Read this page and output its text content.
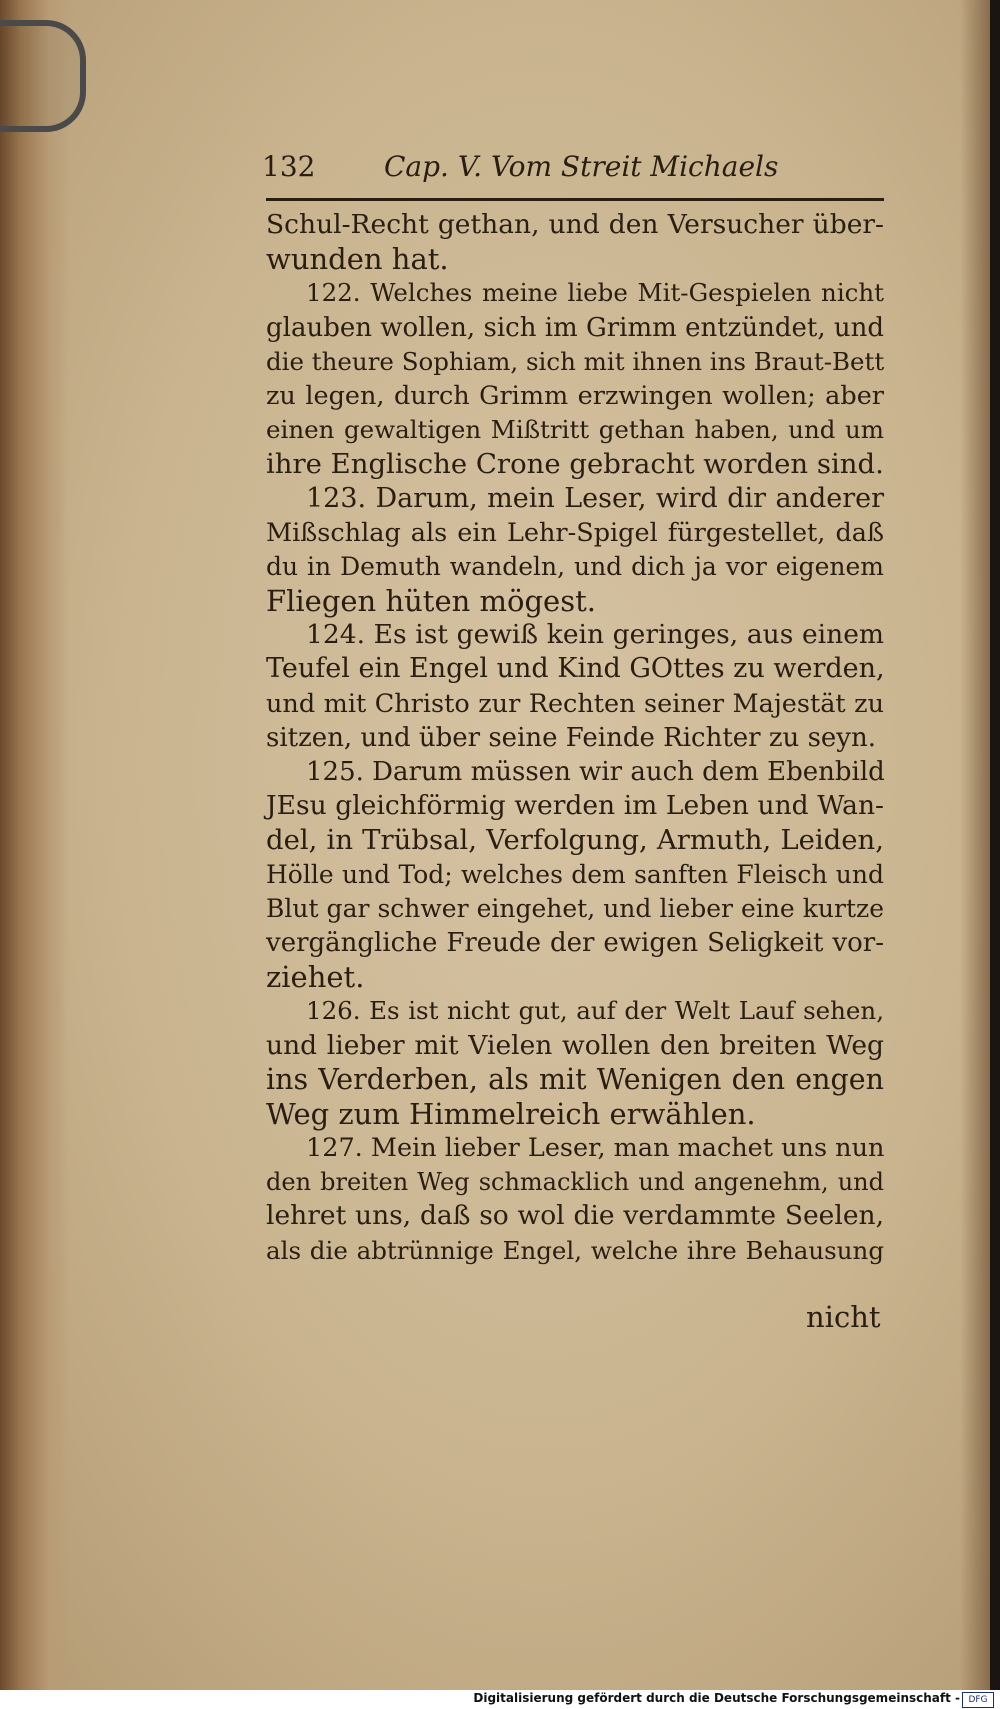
132 Cap. V. Vom Streit Michaels
Schul-Recht gethan, und den Versucher über-
wunden hat.
122. Welches meine liebe Mit-Gespielen nicht
glauben wollen, sich im Grimm entzündet, und
die theure Sophiam, sich mit ihnen ins Braut-Bett
zu legen, durch Grimm erzwingen wollen; aber
einen gewaltigen Mißtritt gethan haben, und um
ihre Englische Crone gebracht worden sind.
123. Darum, mein Leser, wird dir anderer
Mißschlag als ein Lehr-Spigel fürgestellet, daß
du in Demuth wandeln, und dich ja vor eigenem
Fliegen hüten mögest.
124. Es ist gewiß kein geringes, aus einem
Teufel ein Engel und Kind GOttes zu werden,
und mit Christo zur Rechten seiner Majestät zu
sitzen, und über seine Feinde Richter zu seyn.
125. Darum müssen wir auch dem Ebenbild
JEsu gleichförmig werden im Leben und Wan-
del, in Trübsal, Verfolgung, Armuth, Leiden,
Hölle und Tod; welches dem sanften Fleisch und
Blut gar schwer eingehet, und lieber eine kurtze
vergängliche Freude der ewigen Seligkeit vor-
ziehet.
126. Es ist nicht gut, auf der Welt Lauf sehen,
und lieber mit Vielen wollen den breiten Weg
ins Verderben, als mit Wenigen den engen
Weg zum Himmelreich erwählen.
127. Mein lieber Leser, man machet uns nun
den breiten Weg schmacklich und angenehm, und
lehret uns, daß so wol die verdammte Seelen,
als die abtrünnige Engel, welche ihre Behausung
nicht
Digitalisierung gefördert durch die Deutsche Forschungsgemeinschaft - DFG
